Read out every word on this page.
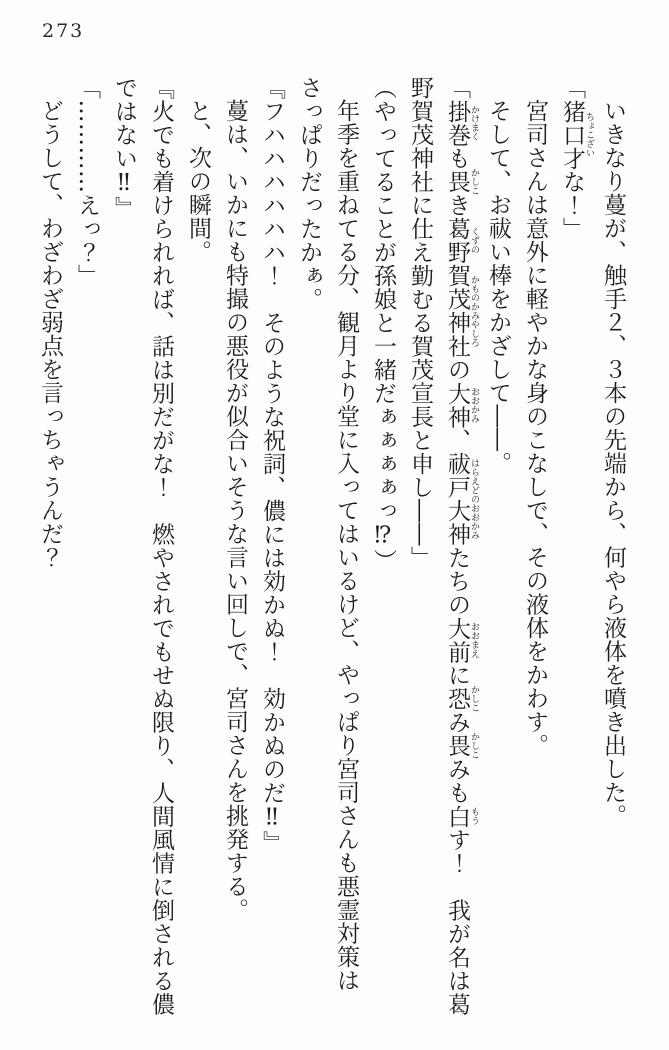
273

いきなり蔓が、触手２、３本の先端から、何やら液体を噴き出した。

「猪口才 ちょこざいな！」

宮司さんは意外に軽やかな身のこなしで、その液体をかわす。

そして、お祓い棒をかざして――。

「掛巻 かけまくも畏 かしこき葛野 くずの賀茂神社 かものかみやしろの大神 おおかみ、祓戸大神 はらえどのおおかみたちの大前 おおまえに恐 かしこみ畏 かしこみも白 もうす！　我が名は葛

野賀茂神社に仕え勤むる賀茂宣長と申し――」

（やってることが孫娘と一緒だぁぁぁぁっ⁉）

年季を重ねてる分、観月より堂に入ってはいるけど、やっぱり宮司さんも悪霊対策は

さっぱりだったかぁ。

『フハハハハハハ！　そのような祝詞、儂には効かぬ！　効かぬのだ‼』

蔓は、いかにも特撮の悪役が似合いそうな言い回しで、宮司さんを挑発する。

と、次の瞬間。

『火でも着けられれば、話は別だがな！　燃やされでもせぬ限り、人間風情に倒される儂

ではない‼』

「…………えっ？」

どうして、わざわざ弱点を言っちゃうんだ？
